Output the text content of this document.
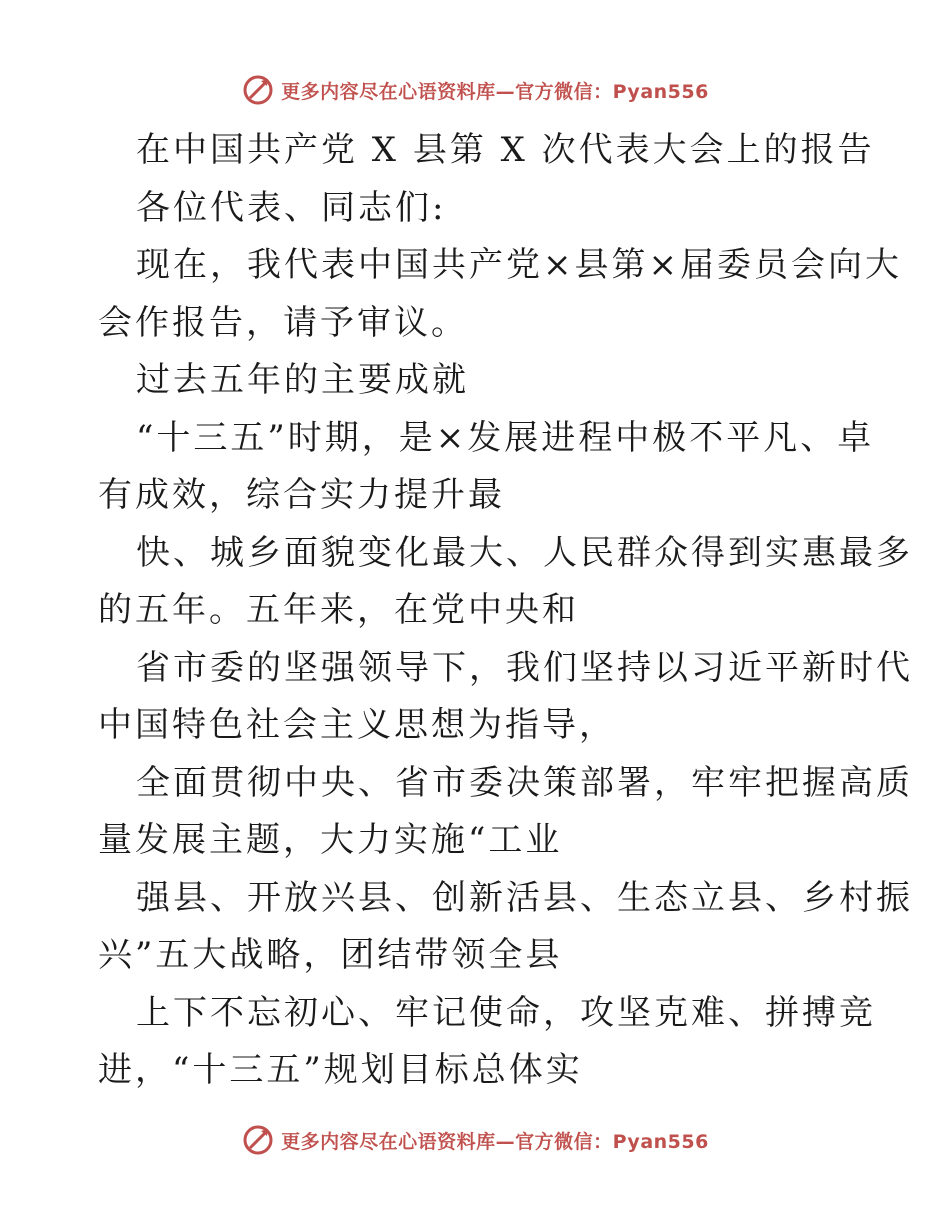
更多内容尽在心语资料库—官方微信：Pyan556
在中国共产党 X 县第 X 次代表大会上的报告
各位代表、同志们:
现在，我代表中国共产党×县第×届委员会向大
会作报告，请予审议。
过去五年的主要成就
“十三五”时期，是×发展进程中极不平凡、卓
有成效，综合实力提升最
快、城乡面貌变化最大、人民群众得到实惠最多
的五年。五年来，在党中央和
省市委的坚强领导下，我们坚持以习近平新时代
中国特色社会主义思想为指导，
全面贯彻中央、省市委决策部署，牢牢把握高质
量发展主题，大力实施“工业
强县、开放兴县、创新活县、生态立县、乡村振
兴”五大战略，团结带领全县
上下不忘初心、牢记使命，攻坚克难、拼搏竞
进，“十三五”规划目标总体实
更多内容尽在心语资料库—官方微信：Pyan556
